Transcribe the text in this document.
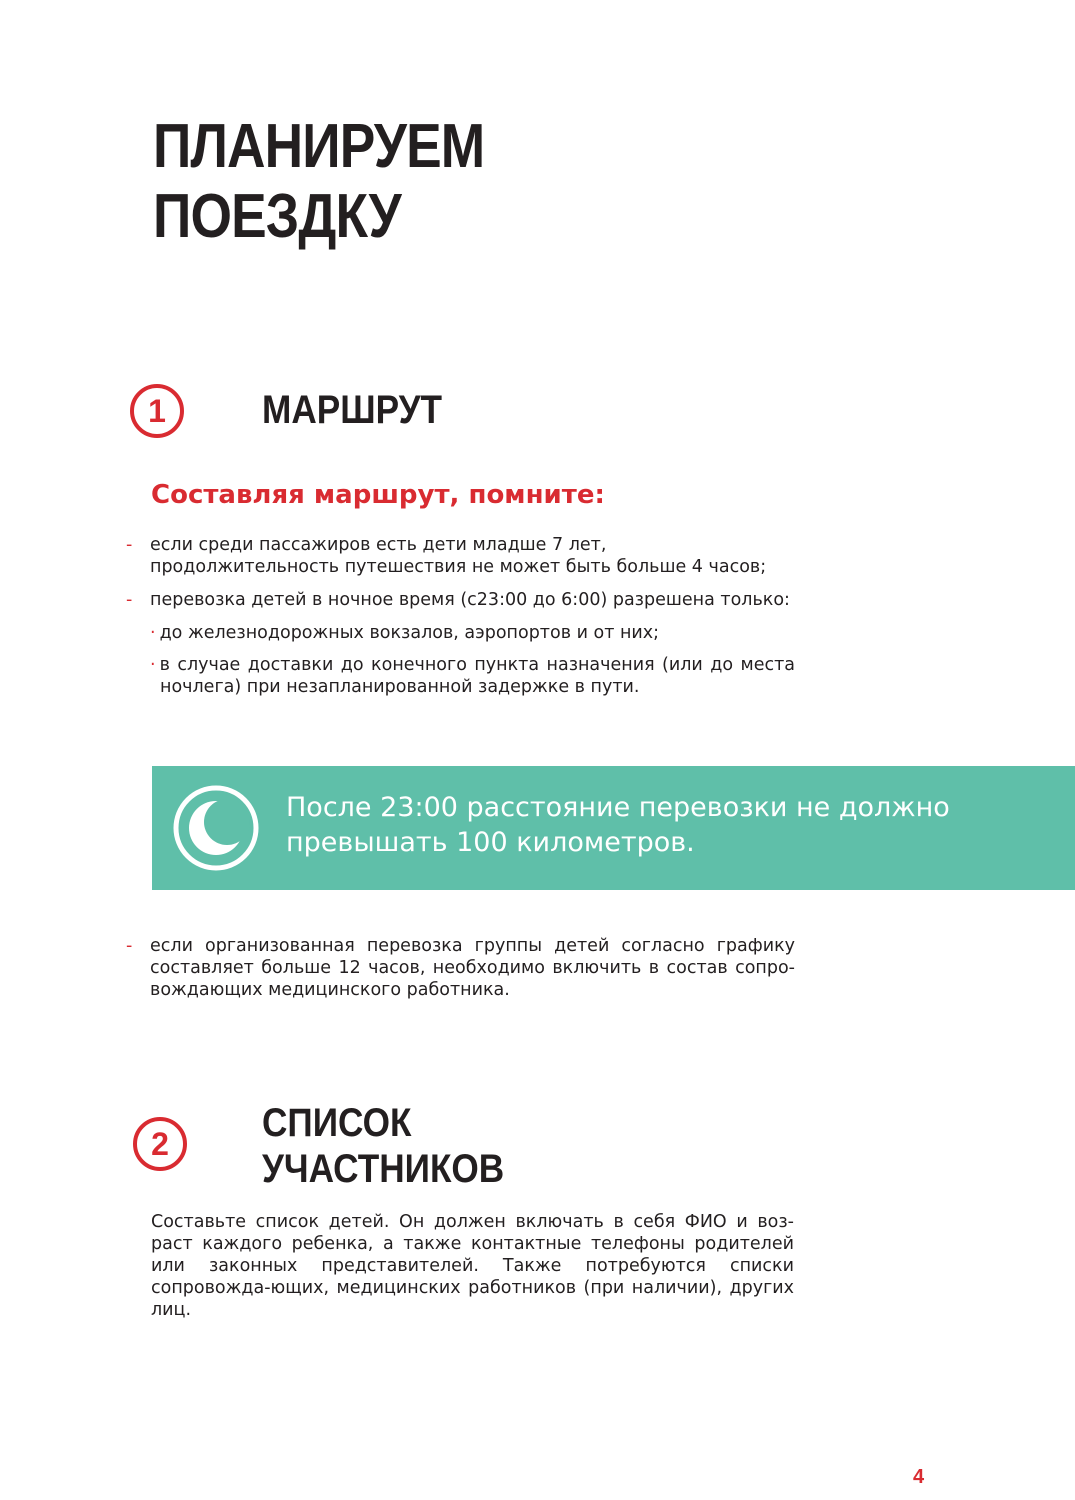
ПЛАНИРУЕМ
ПОЕЗДКУ
1 МАРШРУТ
Составляя маршрут, помните:

- если среди пассажиров есть дети младше 7 лет, продолжительность путешествия не может быть больше 4 часов;

- перевозка детей в ночное время (с23:00 до 6:00) разрешена только:

· до железнодорожных вокзалов, аэропортов и от них;

· в случае доставки до конечного пункта назначения (или до места ночлега) при незапланированной задержке в пути.

После 23:00 расстояние перевозки не должно превышать 100 километров.

- если организованная перевозка группы детей согласно графику составляет больше 12 часов, необходимо включить в состав сопро-вождающих медицинского работника.

2 СПИСОК
УЧАСТНИКОВ

Составьте список детей. Он должен включать в себя ФИО и воз-раст каждого ребенка, а также контактные телефоны родителей или законных представителей. Также потребуются списки сопровожда-ющих, медицинских работников (при наличии), других лиц.

4
